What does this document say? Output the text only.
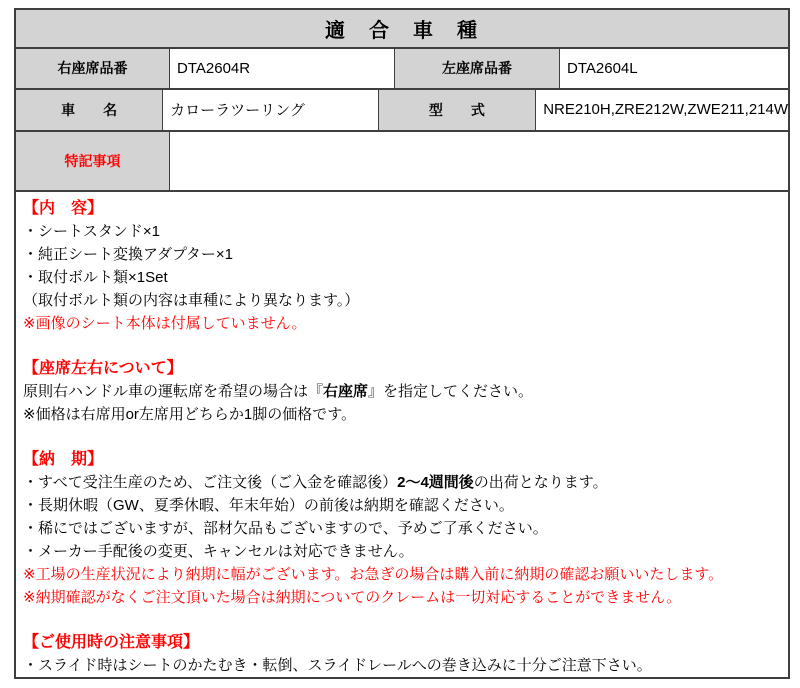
適　合　車　種
右座席品番	DTA2604R	左座席品番	DTA2604L
車　　名	カローラツーリング	型　　式	NRE210H,ZRE212W,ZWE211,214W
特記事項
【内　容】
・シートスタンド×1
・純正シート変換アダプター×1
・取付ボルト類×1Set
（取付ボルト類の内容は車種により異なります。）
※画像のシート本体は付属していません。
【座席左右について】
原則右ハンドル車の運転席を希望の場合は『右座席』を指定してください。
※価格は右席用or左席用どちらか1脚の価格です。
【納　期】
・すべて受注生産のため、ご注文後（ご入金を確認後）2～4週間後の出荷となります。
・長期休暇（GW、夏季休暇、年末年始）の前後は納期を確認ください。
・稀にではございますが、部材欠品もございますので、予めご了承ください。
・メーカー手配後の変更、キャンセルは対応できません。
※工場の生産状況により納期に幅がございます。お急ぎの場合は購入前に納期の確認お願いいたします。
※納期確認がなくご注文頂いた場合は納期についてのクレームは一切対応することができません。
【ご使用時の注意事項】
・スライド時はシートのかたむき・転倒、スライドレールへの巻き込みに十分ご注意下さい。
